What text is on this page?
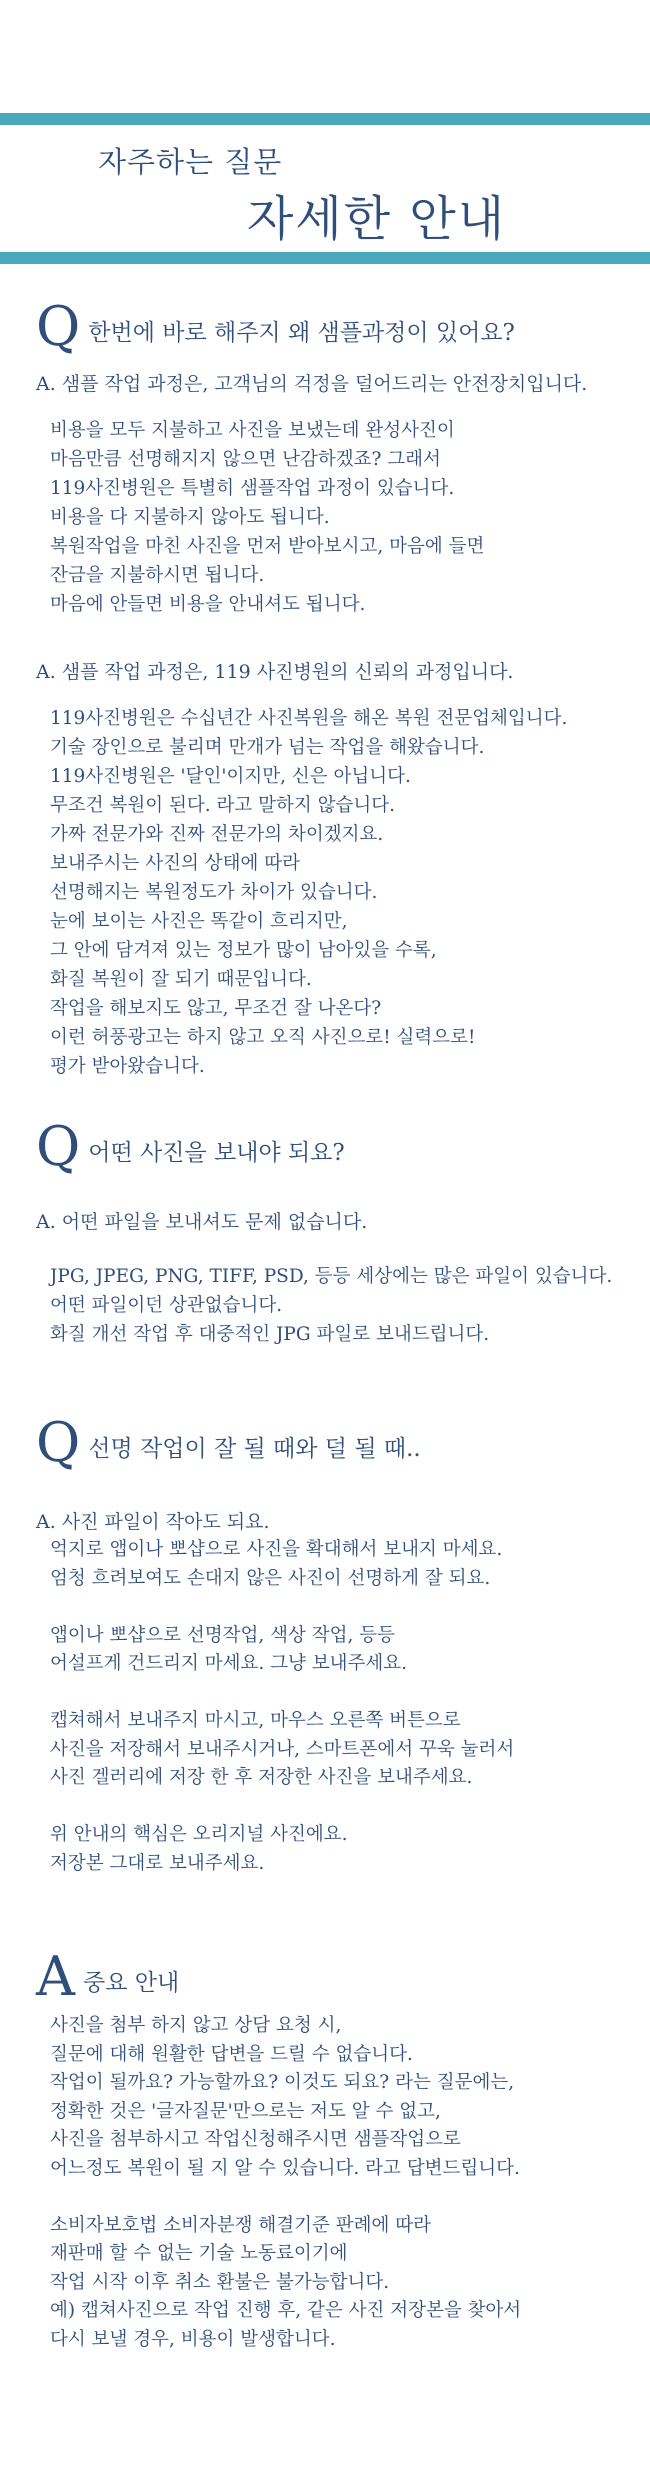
자주하는 질문
자세한 안내
Q 한번에 바로 해주지 왜 샘플과정이 있어요?
A. 샘플 작업 과정은, 고객님의 걱정을 덜어드리는 안전장치입니다.
비용을 모두 지불하고 사진을 보냈는데 완성사진이
마음만큼 선명해지지 않으면 난감하겠죠? 그래서
119사진병원은 특별히 샘플작업 과정이 있습니다.
비용을 다 지불하지 않아도 됩니다.
복원작업을 마친 사진을 먼저 받아보시고, 마음에 들면
잔금을 지불하시면 됩니다.
마음에 안들면 비용을 안내셔도 됩니다.
A. 샘플 작업 과정은, 119 사진병원의 신뢰의 과정입니다.
119사진병원은 수십년간 사진복원을 해온 복원 전문업체입니다.
기술 장인으로 불리며 만개가 넘는 작업을 해왔습니다.
119사진병원은 '달인'이지만, 신은 아닙니다.
무조건 복원이 된다. 라고 말하지 않습니다.
가짜 전문가와 진짜 전문가의 차이겠지요.
보내주시는 사진의 상태에 따라
선명해지는 복원정도가 차이가 있습니다.
눈에 보이는 사진은 똑같이 흐리지만,
그 안에 담겨져 있는 정보가 많이 남아있을 수록,
화질 복원이 잘 되기 때문입니다.
작업을 해보지도 않고, 무조건 잘 나온다?
이런 허풍광고는 하지 않고 오직 사진으로! 실력으로!
평가 받아왔습니다.
Q 어떤 사진을 보내야 되요?
A. 어떤 파일을 보내셔도 문제 없습니다.
JPG, JPEG, PNG, TIFF, PSD, 등등 세상에는 많은 파일이 있습니다.
어떤 파일이던 상관없습니다.
화질 개선 작업 후 대중적인 JPG 파일로 보내드립니다.
Q 선명 작업이 잘 될 때와 덜 될 때..
A. 사진 파일이 작아도 되요.
억지로 앱이나 뽀샵으로 사진을 확대해서 보내지 마세요.
엄청 흐려보여도 손대지 않은 사진이 선명하게 잘 되요.

앱이나 뽀샵으로 선명작업, 색상 작업, 등등
어설프게 건드리지 마세요. 그냥 보내주세요.

캡쳐해서 보내주지 마시고, 마우스 오른쪽 버튼으로
사진을 저장해서 보내주시거나, 스마트폰에서 꾸욱 눌러서
사진 겔러리에 저장 한 후 저장한 사진을 보내주세요.

위 안내의 핵심은 오리지널 사진에요.
저장본 그대로 보내주세요.
A 중요 안내
사진을 첨부 하지 않고 상담 요청 시,
질문에 대해 원활한 답변을 드릴 수 없습니다.
작업이 될까요? 가능할까요? 이것도 되요? 라는 질문에는,
정확한 것은 '글자질문'만으로는 저도 알 수 없고,
사진을 첨부하시고 작업신청해주시면 샘플작업으로
어느정도 복원이 될 지 알 수 있습니다. 라고 답변드립니다.

소비자보호법 소비자분쟁 해결기준 판례에 따라
재판매 할 수 없는 기술 노동료이기에
작업 시작 이후 취소 환불은 불가능합니다.
예) 캡쳐사진으로 작업 진행 후, 같은 사진 저장본을 찾아서
다시 보낼 경우, 비용이 발생합니다.
